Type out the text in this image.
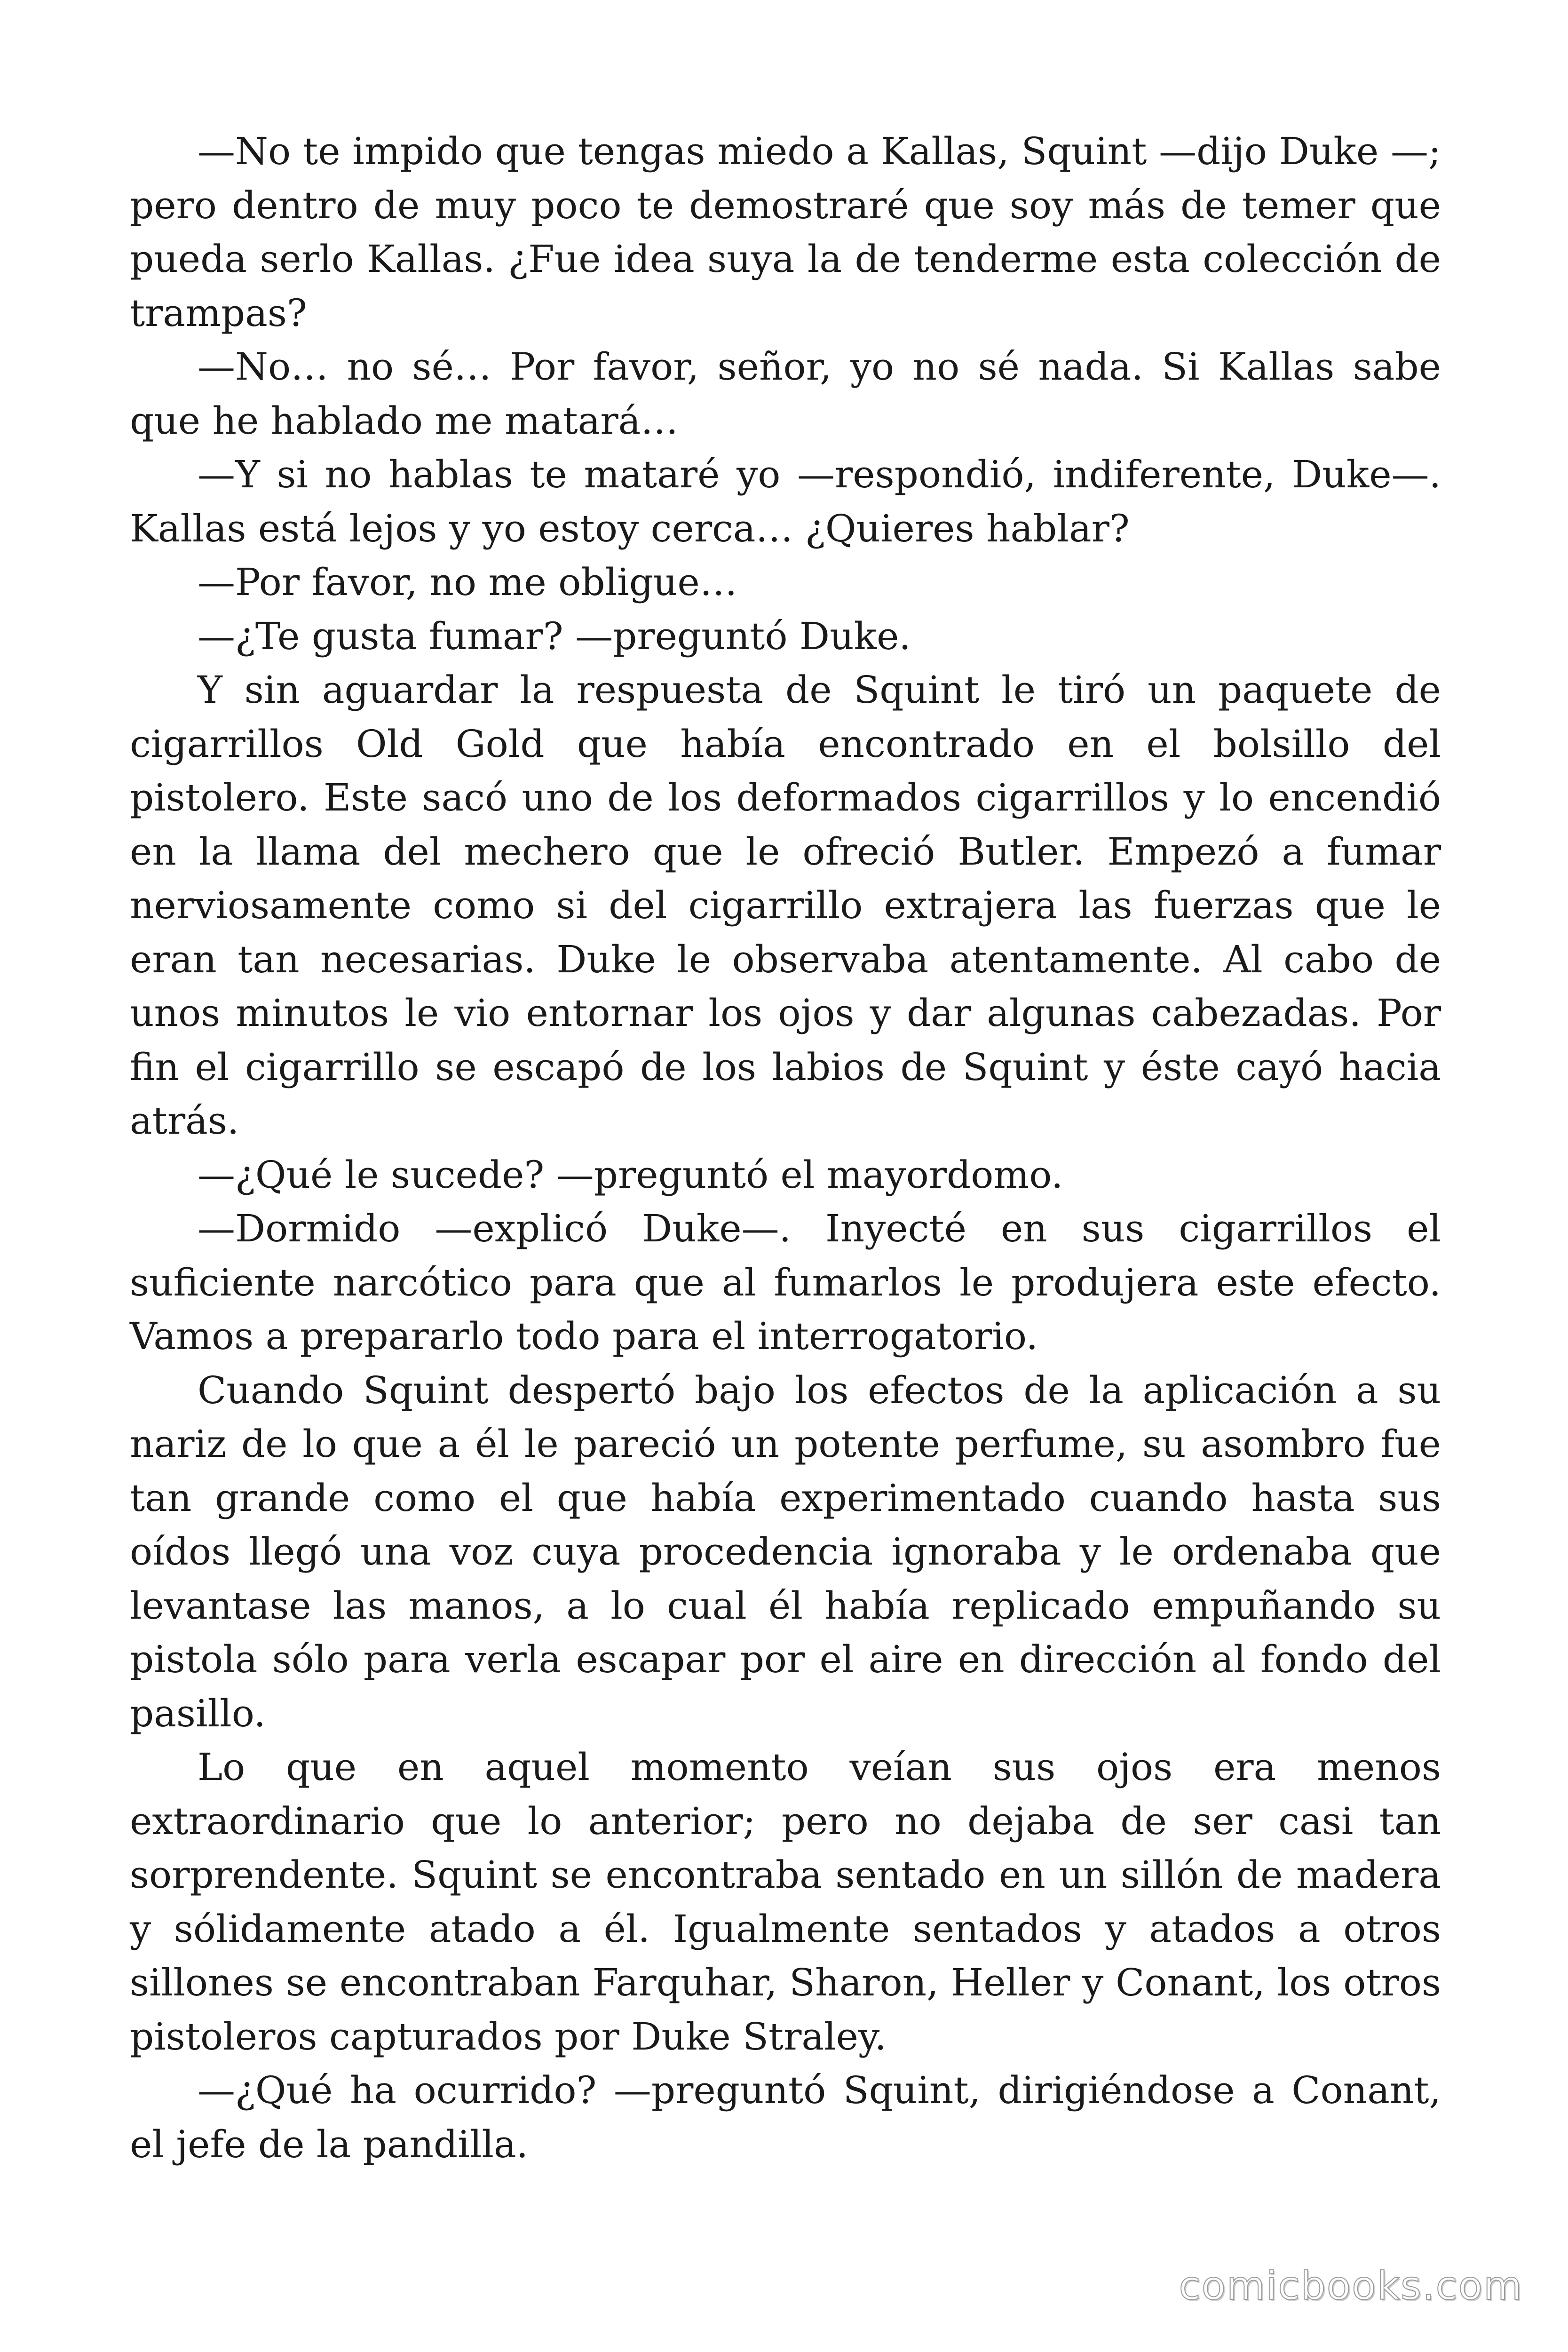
—No te impido que tengas miedo a Kallas, Squint —dijo Duke —; pero dentro de muy poco te demostraré que soy más de temer que pueda serlo Kallas. ¿Fue idea suya la de tenderme esta colección de trampas?

—No… no sé… Por favor, señor, yo no sé nada. Si Kallas sabe que he hablado me matará…

—Y si no hablas te mataré yo —respondió, indiferente, Duke—. Kallas está lejos y yo estoy cerca… ¿Quieres hablar?

—Por favor, no me obligue…

—¿Te gusta fumar? —preguntó Duke.

Y sin aguardar la respuesta de Squint le tiró un paquete de cigarrillos Old Gold que había encontrado en el bolsillo del pistolero. Este sacó uno de los deformados cigarrillos y lo encendió en la llama del mechero que le ofreció Butler. Empezó a fumar nerviosamente como si del cigarrillo extrajera las fuerzas que le eran tan necesarias. Duke le observaba atentamente. Al cabo de unos minutos le vio entornar los ojos y dar algunas cabezadas. Por fin el cigarrillo se escapó de los labios de Squint y éste cayó hacia atrás.

—¿Qué le sucede? —preguntó el mayordomo.

—Dormido —explicó Duke—. Inyecté en sus cigarrillos el suficiente narcótico para que al fumarlos le produjera este efecto. Vamos a prepararlo todo para el interrogatorio.

Cuando Squint despertó bajo los efectos de la aplicación a su nariz de lo que a él le pareció un potente perfume, su asombro fue tan grande como el que había experimentado cuando hasta sus oídos llegó una voz cuya procedencia ignoraba y le ordenaba que levantase las manos, a lo cual él había replicado empuñando su pistola sólo para verla escapar por el aire en dirección al fondo del pasillo.

Lo que en aquel momento veían sus ojos era menos extraordinario que lo anterior; pero no dejaba de ser casi tan sorprendente. Squint se encontraba sentado en un sillón de madera y sólidamente atado a él. Igualmente sentados y atados a otros sillones se encontraban Farquhar, Sharon, Heller y Conant, los otros pistoleros capturados por Duke Straley.

—¿Qué ha ocurrido? —preguntó Squint, dirigiéndose a Conant, el jefe de la pandilla.

comicbooks.com
